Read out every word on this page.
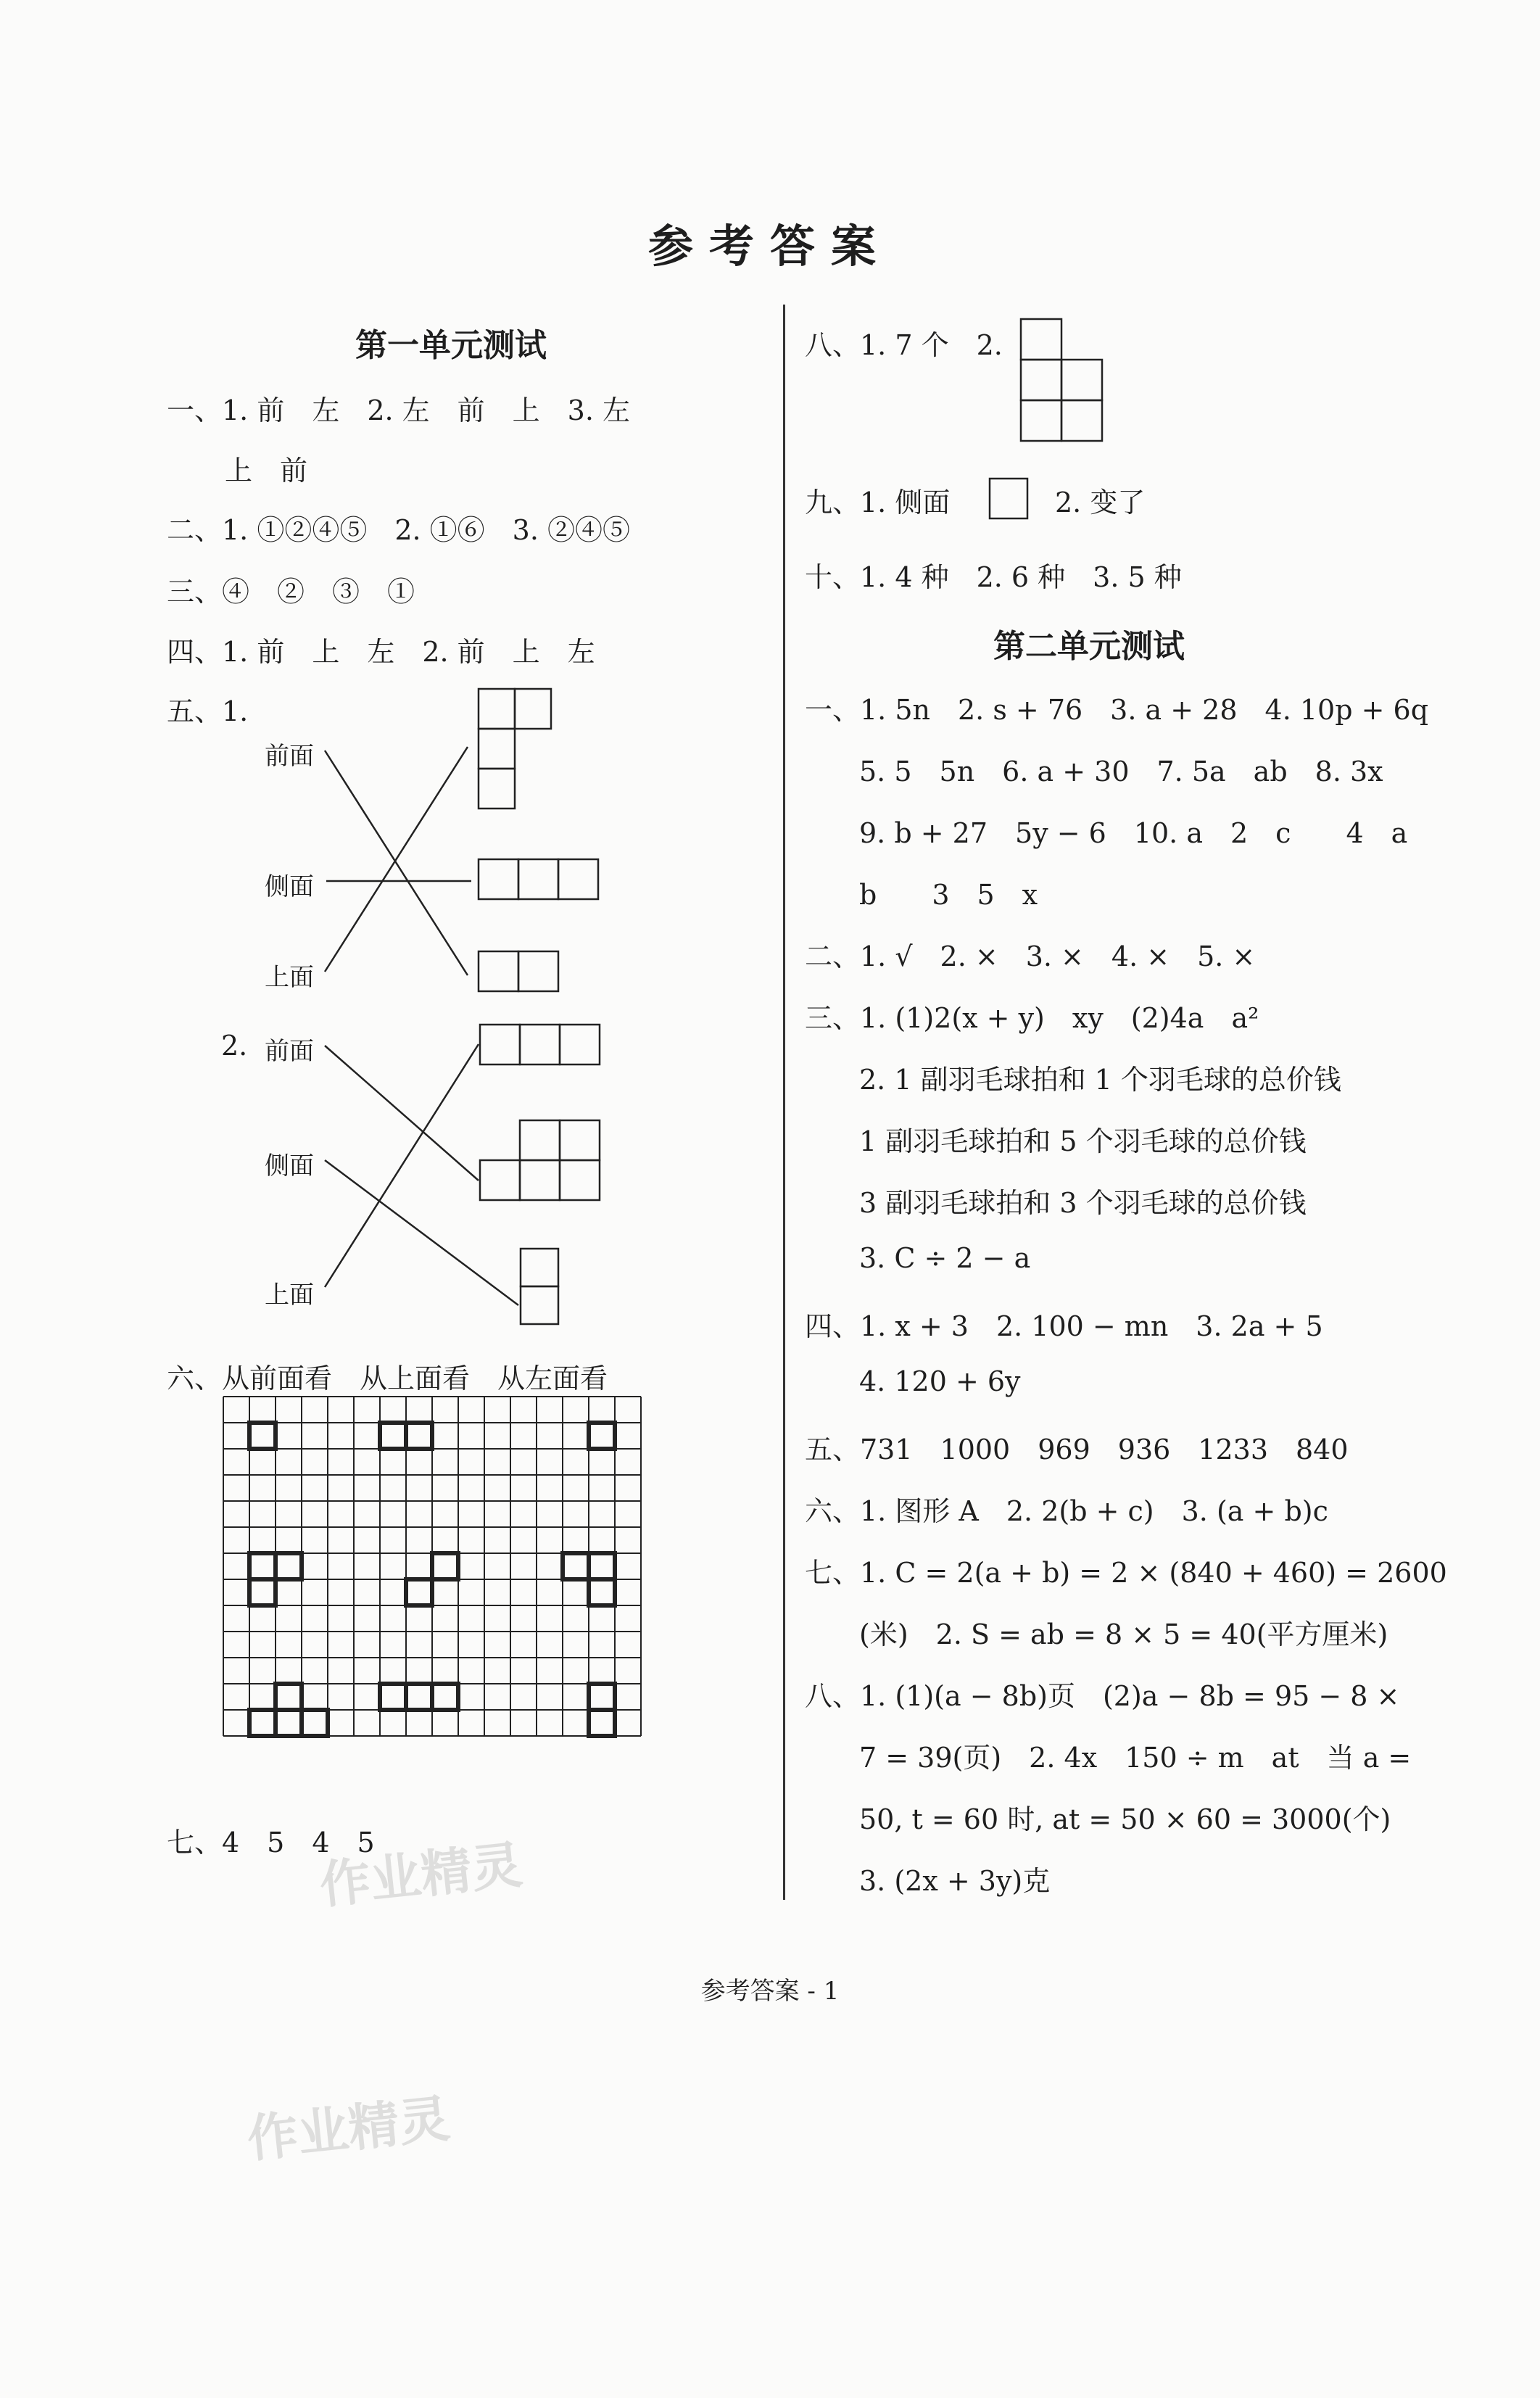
参考答案
第一单元测试
一、1. 前　左　2. 左　前　上　3. 左
上　前
二、1. ①②④⑤　2. ①⑥　3. ②④⑤
三、④　②　③　①
四、1. 前　上　左　2. 前　上　左
五、1.
前面
侧面
上面
2. 前面
侧面
上面
六、从前面看　从上面看　从左面看
七、4　5　4　5
八、1. 7 个　2.
九、1. 侧面	2. 变了
十、1. 4 种　2. 6 种　3. 5 种
第二单元测试
一、1. 5n　2. s + 76　3. a + 28　4. 10p + 6q
5. 5　5n　6. a + 30　7. 5a　ab　8. 3x
9. b + 27　5y − 6　10. a　2　c　　4　a
b　　3　5　x
二、1. √　2. ×　3. ×　4. ×　5. ×
三、1. (1)2(x + y)　xy　(2)4a　a²
2. 1 副羽毛球拍和 1 个羽毛球的总价钱
1 副羽毛球拍和 5 个羽毛球的总价钱
3 副羽毛球拍和 3 个羽毛球的总价钱
3. C ÷ 2 − a
四、1. x + 3　2. 100 − mn　3. 2a + 5
4. 120 + 6y
五、731　1000　969　936　1233　840
六、1. 图形 A　2. 2(b + c)　3. (a + b)c
七、1. C = 2(a + b) = 2 × (840 + 460) = 2600
(米)　2. S = ab = 8 × 5 = 40(平方厘米)
八、1. (1)(a − 8b)页　(2)a − 8b = 95 − 8 ×
7 = 39(页)　2. 4x　150 ÷ m　at　当 a =
50, t = 60 时, at = 50 × 60 = 3000(个)
3. (2x + 3y)克
参考答案 - 1
作业精灵
作业精灵
